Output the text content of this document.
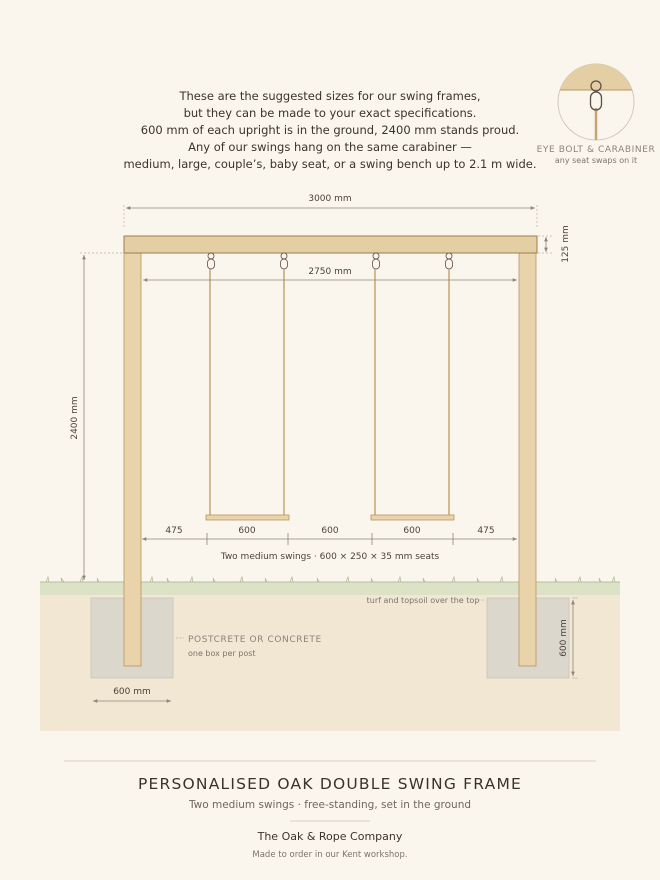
These are the suggested sizes for our swing frames,
but they can be made to your exact specifications.
600 mm of each upright is in the ground, 2400 mm stands proud.
Any of our swings hang on the same carabiner —
medium, large, couple’s, baby seat, or a swing bench up to 2.1 m wide.
EYE BOLT & CARABINER
any seat swaps on it
3000 mm
125 mm
2750 mm
2400 mm
475	600	600	600	475
Two medium swings · 600 × 250 × 35 mm seats
turf and topsoil over the top
POSTCRETE OR CONCRETE
one box per post
600 mm
600 mm
PERSONALISED OAK DOUBLE SWING FRAME
Two medium swings · free-standing, set in the ground
The Oak & Rope Company
Made to order in our Kent workshop.
